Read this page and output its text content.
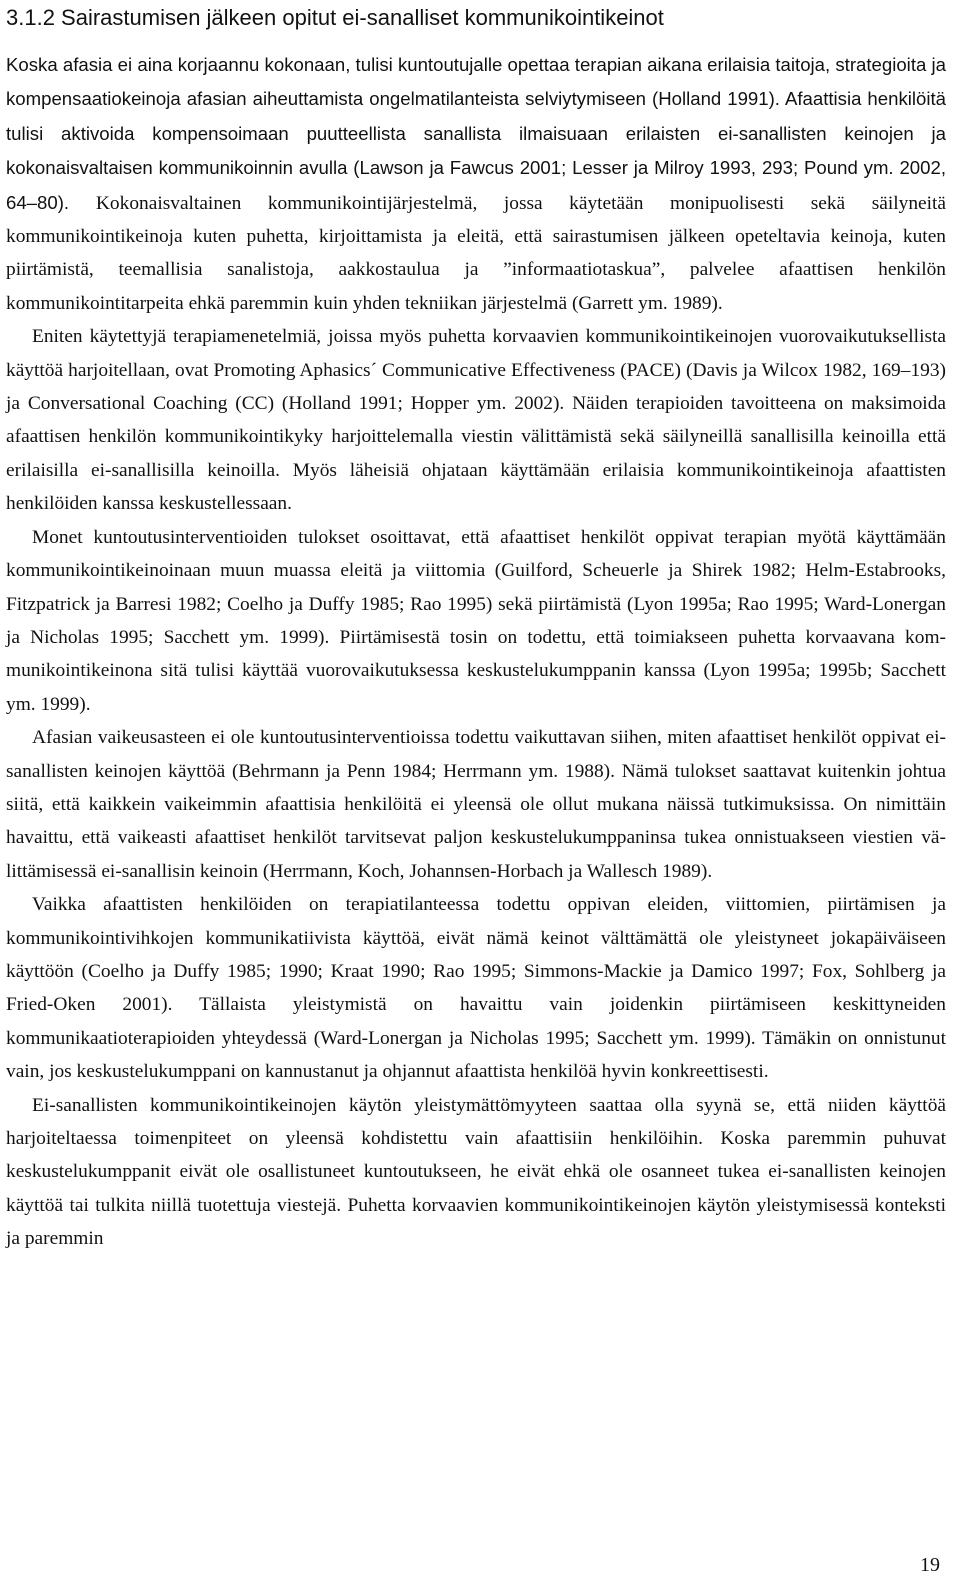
3.1.2 Sairastumisen jälkeen opitut ei-sanalliset kommunikointikeinot

Koska afasia ei aina korjaannu kokonaan, tulisi kuntoutujalle opettaa terapian aikana erilaisia taitoja, strategioita ja kompensaatiokeinoja afasian aiheuttamista ongelmatilanteista selviytymiseen (Holland 1991). Afaattisia henkilöitä tulisi aktivoida kompensoimaan puutteellista sanallista ilmaisuaan erilaisten ei-sanallisten keinojen ja kokonaisvaltaisen kommunikoinnin avulla (Lawson ja Fawcus 2001; Lesser ja Milroy 1993, 293; Pound ym. 2002, 64–80). Kokonaisvaltainen kommunikointijärjestelmä, jossa käytetään monipuolisesti sekä säilyneitä kommunikointikeinoja kuten puhetta, kirjoittamista ja eleitä, että sairastumisen jälkeen opeteltavia keinoja, kuten piirtämistä, teemallisia sanalistoja, aakkostaulua ja ”informaatiotaskua”, palvelee afaattisen henkilön kommunikointitarpeita ehkä paremmin kuin yhden tekniikan järjestelmä (Garrett ym. 1989).

Eniten käytettyjä terapiamenetelmiä, joissa myös puhetta korvaavien kommunikointikeinojen vuorovaikutuksellista käyttöä harjoitellaan, ovat Promoting Aphasics´ Communicative Effectiveness (PACE) (Davis ja Wilcox 1982, 169–193) ja Conversational Coaching (CC) (Holland 1991; Hopper ym. 2002). Näiden terapioiden tavoitteena on maksimoida afaattisen henkilön kommunikointikyky harjoittelemalla viestin välittämistä sekä säilyneillä sanallisilla keinoilla että erilaisilla ei-sanallisilla keinoilla. Myös läheisiä ohjataan käyttämään erilaisia kommunikointikeinoja afaattisten henkilöiden kanssa keskustellessaan.

Monet kuntoutusinterventioiden tulokset osoittavat, että afaattiset henkilöt oppivat terapian myötä käyttämään kommunikointikeinoinaan muun muassa eleitä ja viittomia (Guilford, Scheuerle ja Shirek 1982; Helm-Estabrooks, Fitzpatrick ja Barresi 1982; Coelho ja Duffy 1985; Rao 1995) sekä piirtämistä (Lyon 1995a; Rao 1995; Ward-Lonergan ja Nicholas 1995; Sacchett ym. 1999). Piirtämisestä tosin on todettu, että toimiakseen puhetta korvaavana kommunikointikeinona sitä tulisi käyttää vuorovaikutuksessa keskustelukumppanin kanssa (Lyon 1995a; 1995b; Sacchett ym. 1999).

Afasian vaikeusasteen ei ole kuntoutusinterventioissa todettu vaikuttavan siihen, miten afaattiset henkilöt oppivat ei-sanallisten keinojen käyttöä (Behrmann ja Penn 1984; Herrmann ym. 1988). Nämä tulokset saattavat kuitenkin johtua siitä, että kaikkein vaikeimmin afaattisia henkilöitä ei yleensä ole ollut mukana näissä tutkimuksissa. On nimittäin havaittu, että vaikeasti afaattiset henkilöt tarvitsevat paljon keskustelukumppaninsa tukea onnistuakseen viestien välittämisessä ei-sanallisin keinoin (Herrmann, Koch, Johannsen-Horbach ja Wallesch 1989).

Vaikka afaattisten henkilöiden on terapiatilanteessa todettu oppivan eleiden, viittomien, piirtämisen ja kommunikointivihkojen kommunikatiivista käyttöä, eivät nämä keinot välttämättä ole yleistyneet jokapäiväiseen käyttöön (Coelho ja Duffy 1985; 1990; Kraat 1990; Rao 1995; Simmons-Mackie ja Damico 1997; Fox, Sohlberg ja Fried-Oken 2001). Tällaista yleistymistä on havaittu vain joidenkin piirtämiseen keskittyneiden kommunikaatioterapioiden yhteydessä (Ward-Lonergan ja Nicholas 1995; Sacchett ym. 1999). Tämäkin on onnistunut vain, jos keskustelukumppani on kannustanut ja ohjannut afaattista henkilöä hyvin konkreettisesti.

Ei-sanallisten kommunikointikeinojen käytön yleistymättömyyteen saattaa olla syynä se, että niiden käyttöä harjoiteltaessa toimenpiteet on yleensä kohdistettu vain afaattisiin henkilöihin. Koska paremmin puhuvat keskustelukumppanit eivät ole osallistuneet kuntoutukseen, he eivät ehkä ole osanneet tukea ei-sanallisten keinojen käyttöä tai tulkita niillä tuotettuja viestejä. Puhetta korvaavien kommunikointikeinojen käytön yleistymisessä konteksti ja paremmin

19
